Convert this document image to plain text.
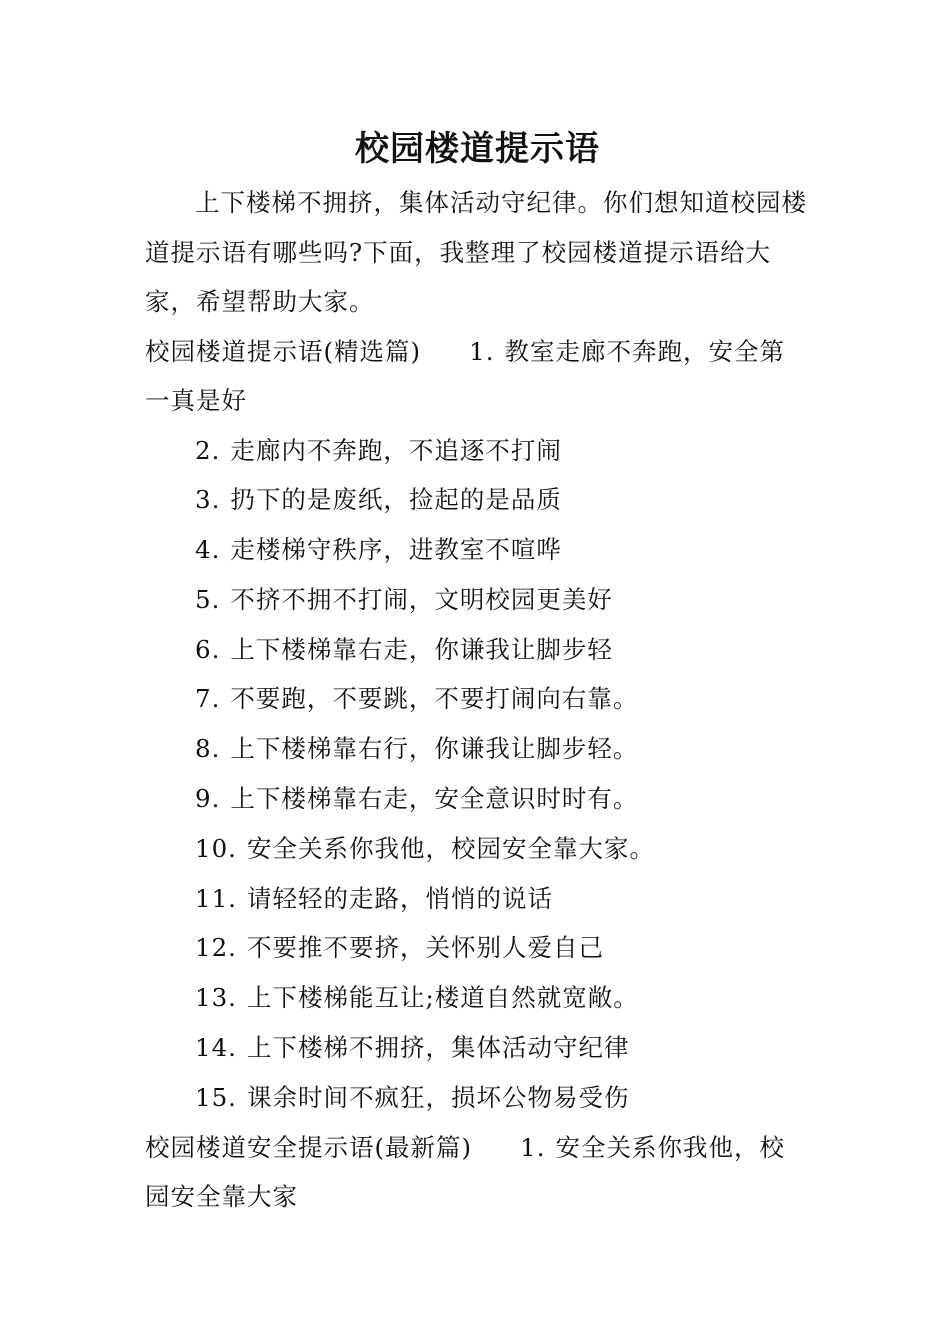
校园楼道提示语

上下楼梯不拥挤，集体活动守纪律。你们想知道校园楼道提示语有哪些吗?下面，我整理了校园楼道提示语给大家，希望帮助大家。

校园楼道提示语(精选篇) 1. 教室走廊不奔跑，安全第一真是好

2. 走廊内不奔跑，不追逐不打闹
3. 扔下的是废纸，捡起的是品质
4. 走楼梯守秩序，进教室不喧哗
5. 不挤不拥不打闹，文明校园更美好
6. 上下楼梯靠右走，你谦我让脚步轻
7. 不要跑，不要跳，不要打闹向右靠。
8. 上下楼梯靠右行，你谦我让脚步轻。
9. 上下楼梯靠右走，安全意识时时有。
10. 安全关系你我他，校园安全靠大家。
11. 请轻轻的走路，悄悄的说话
12. 不要推不要挤，关怀别人爱自己
13. 上下楼梯能互让;楼道自然就宽敞。
14. 上下楼梯不拥挤，集体活动守纪律
15. 课余时间不疯狂，损坏公物易受伤

校园楼道安全提示语(最新篇) 1. 安全关系你我他，校园安全靠大家
